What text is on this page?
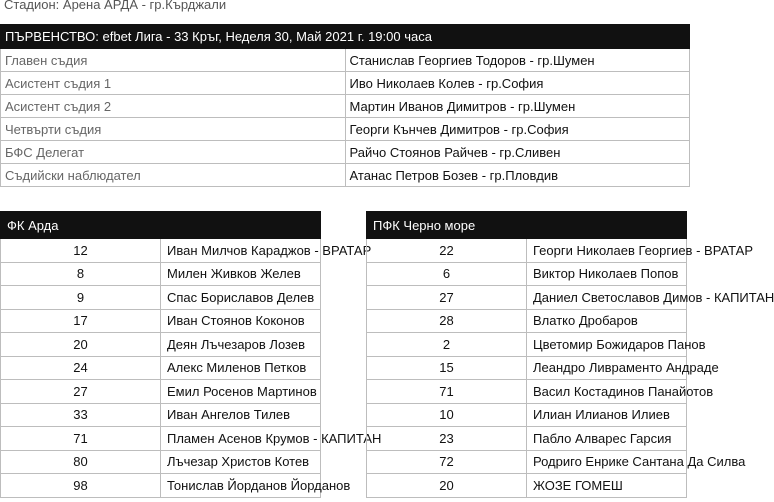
Стадион: Арена АРДА - гр.Кърджали
ПЪРВЕНСТВО: efbet Лига - 33 Кръг, Неделя 30, Май 2021 г. 19:00 часа	
Главен съдия	Станислав Георгиев Тодоров - гр.Шумен
Асистент съдия 1	Иво Николаев Колев - гр.София
Асистент съдия 2	Мартин Иванов Димитров - гр.Шумен
Четвърти съдия	Георги Кънчев Димитров - гр.София
БФС Делегат	Райчо Стоянов Райчев - гр.Сливен
Съдийски наблюдател	Атанас Петров Бозев - гр.Пловдив
ФК Арда	
12	Иван Милчов Караджов - ВРАТАР
8	Милен Живков Желев
9	Спас Бориславов Делев
17	Иван Стоянов Коконов
20	Деян Лъчезаров Лозев
24	Алекс Миленов Петков
27	Емил Росенов Мартинов
33	Иван Ангелов Тилев
71	Пламен Асенов Крумов - КАПИТАН
80	Лъчезар Христов Котев
98	Тонислав Йорданов Йорданов
ПФК Черно море	
22	Георги Николаев Георгиев - ВРАТАР
6	Виктор Николаев Попов
27	Даниел Светославов Димов - КАПИТАН
28	Влатко Дробаров
2	Цветомир Божидаров Панов
15	Леандро Ливраменто Андраде
71	Васил Костадинов Панайотов
10	Илиан Илианов Илиев
23	Пабло Алварес Гарсия
72	Родриго Енрике Сантана Да Силва
20	ЖОЗЕ ГОМЕШ
